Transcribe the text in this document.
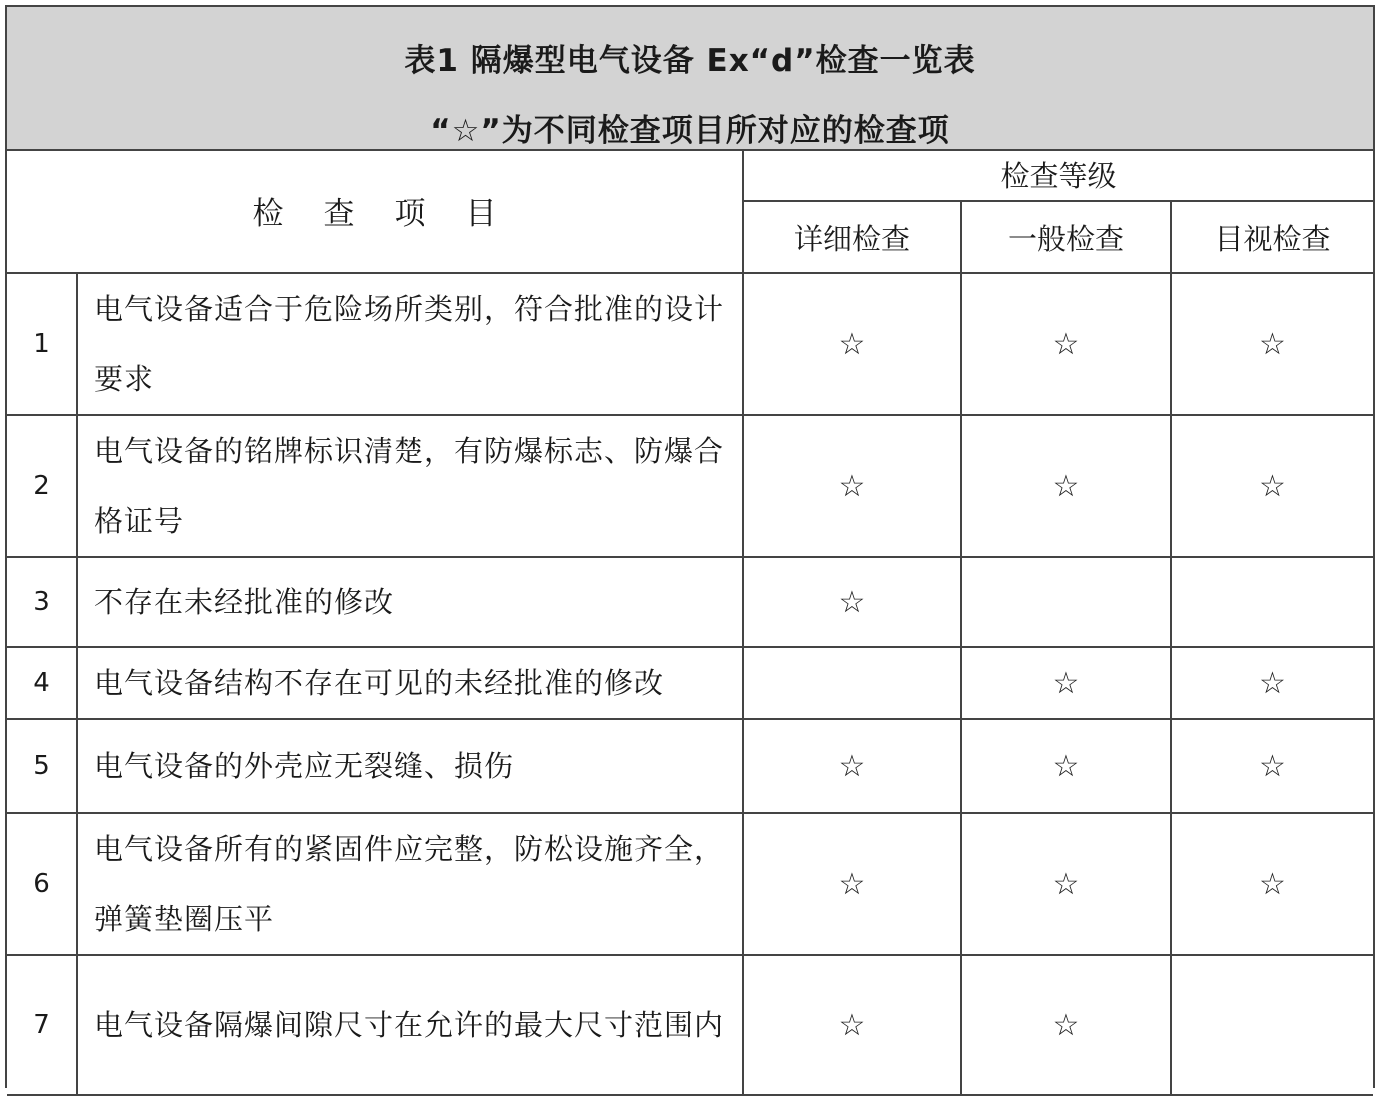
表1 隔爆型电气设备 Ex“d”检查一览表
“☆”为不同检查项目所对应的检查项
检查项目		检查等级		
		详细检查	一般检查	目视检查
1	电气设备适合于危险场所类别，符合批准的设计要求	☆	☆	☆
2	电气设备的铭牌标识清楚，有防爆标志、防爆合格证号	☆	☆	☆
3	不存在未经批准的修改	☆		
4	电气设备结构不存在可见的未经批准的修改		☆	☆
5	电气设备的外壳应无裂缝、损伤	☆	☆	☆
6	电气设备所有的紧固件应完整，防松设施齐全，弹簧垫圈压平	☆	☆	☆
7	电气设备隔爆间隙尺寸在允许的最大尺寸范围内	☆	☆	
